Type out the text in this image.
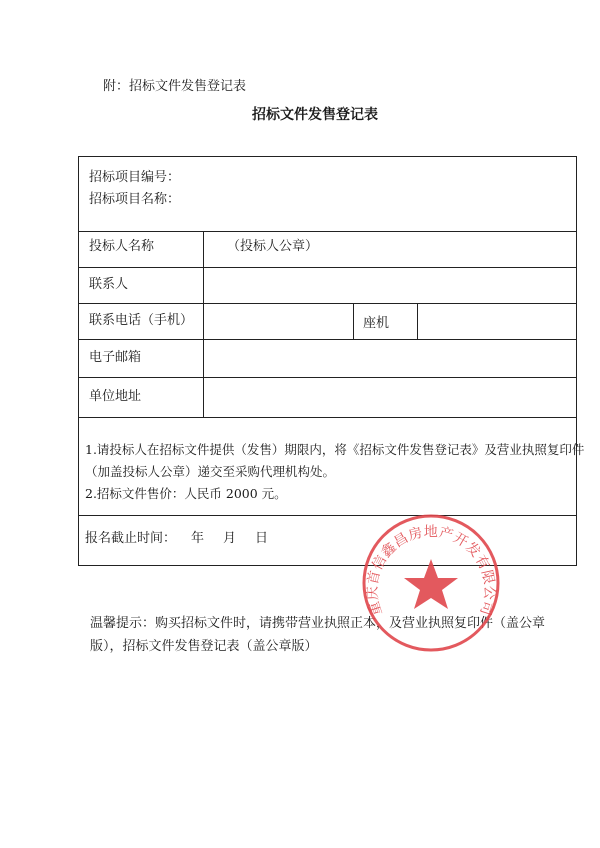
附：招标文件发售登记表
招标文件发售登记表
招标项目编号：
招标项目名称：
投标人名称	（投标人公章）
联系人
联系电话（手机）	座机
电子邮箱
单位地址
1.请投标人在招标文件提供（发售）期限内，将《招标文件发售登记表》及营业执照复印件
（加盖投标人公章）递交至采购代理机构处。
2.招标文件售价：人民币 2000 元。
报名截止时间： 年 月 日
温馨提示：购买招标文件时，请携带营业执照正本，及营业执照复印件（盖公章
版），招标文件发售登记表（盖公章版）
重庆首信鑫昌房地产开发有限公司
